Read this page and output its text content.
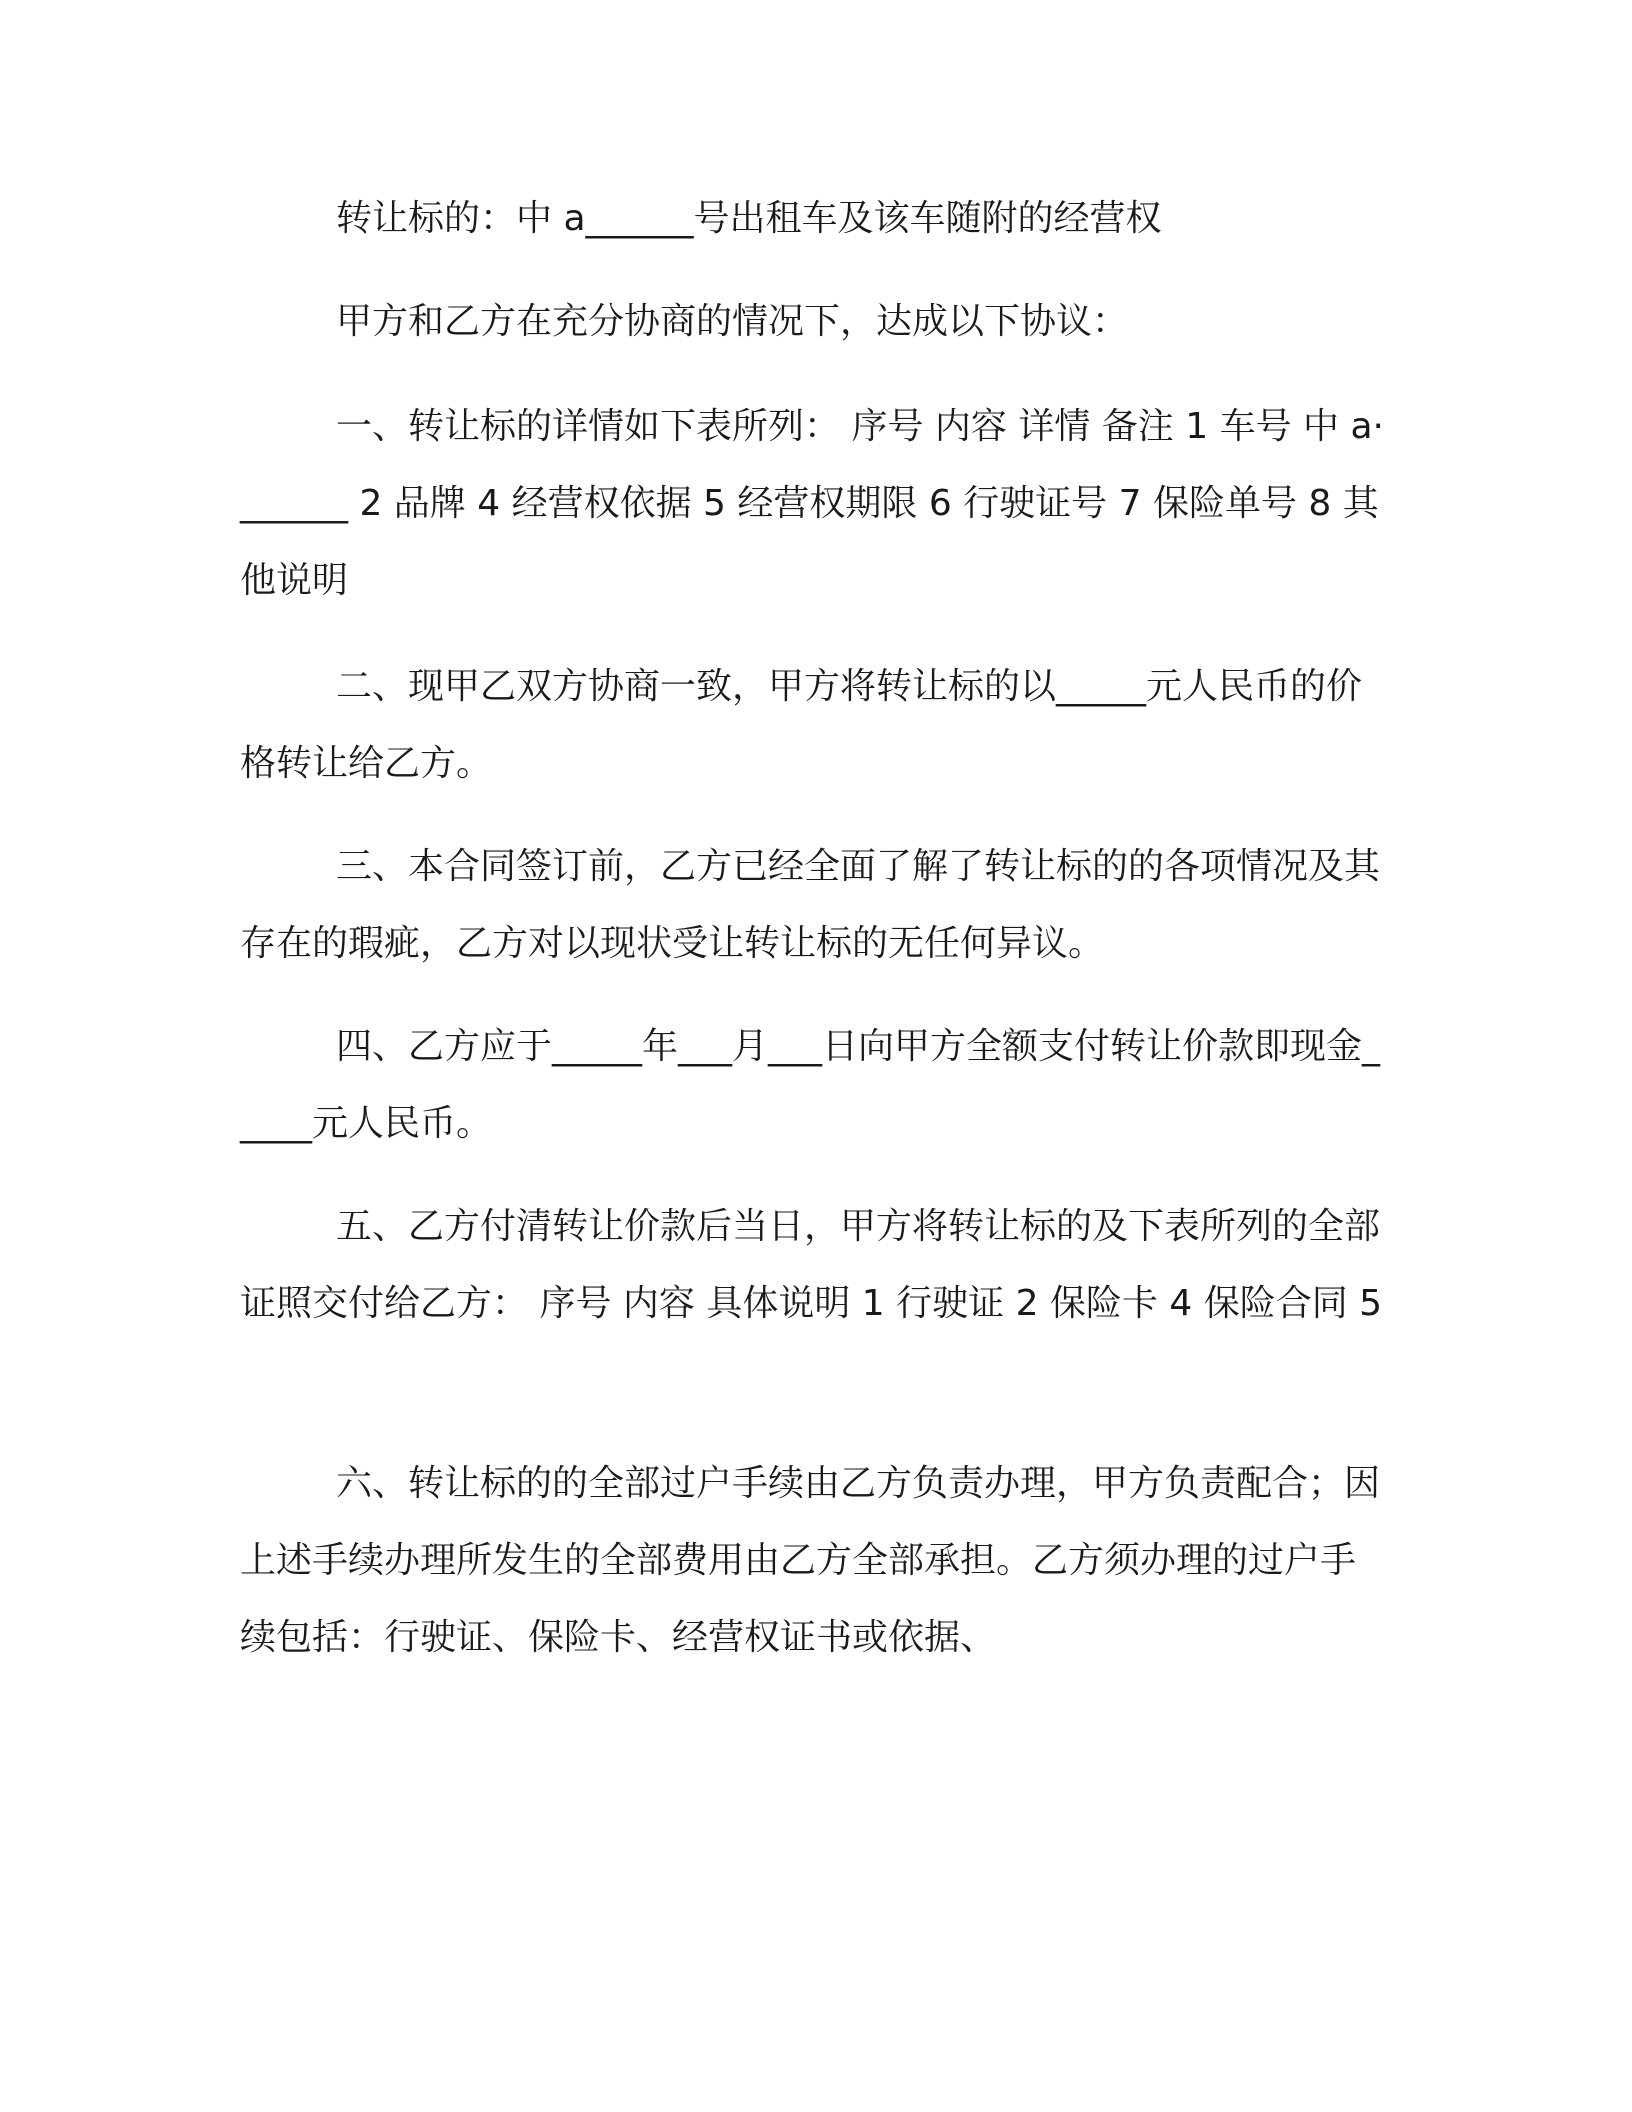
转让标的：中 a______号出租车及该车随附的经营权

甲方和乙方在充分协商的情况下，达成以下协议：

一、转让标的详情如下表所列： 序号 内容 详情 备注 1 车号 中 a·______ 2 品牌 4 经营权依据 5 经营权期限 6 行驶证号 7 保险单号 8 其他说明

二、现甲乙双方协商一致，甲方将转让标的以_____元人民币的价格转让给乙方。

三、本合同签订前，乙方已经全面了解了转让标的的各项情况及其存在的瑕疵，乙方对以现状受让转让标的无任何异议。

四、乙方应于_____年___月___日向甲方全额支付转让价款即现金_____元人民币。

五、乙方付清转让价款后当日，甲方将转让标的及下表所列的全部证照交付给乙方： 序号 内容 具体说明 1 行驶证 2 保险卡 4 保险合同 5

六、转让标的的全部过户手续由乙方负责办理，甲方负责配合；因上述手续办理所发生的全部费用由乙方全部承担。乙方须办理的过户手续包括：行驶证、保险卡、经营权证书或依据、
